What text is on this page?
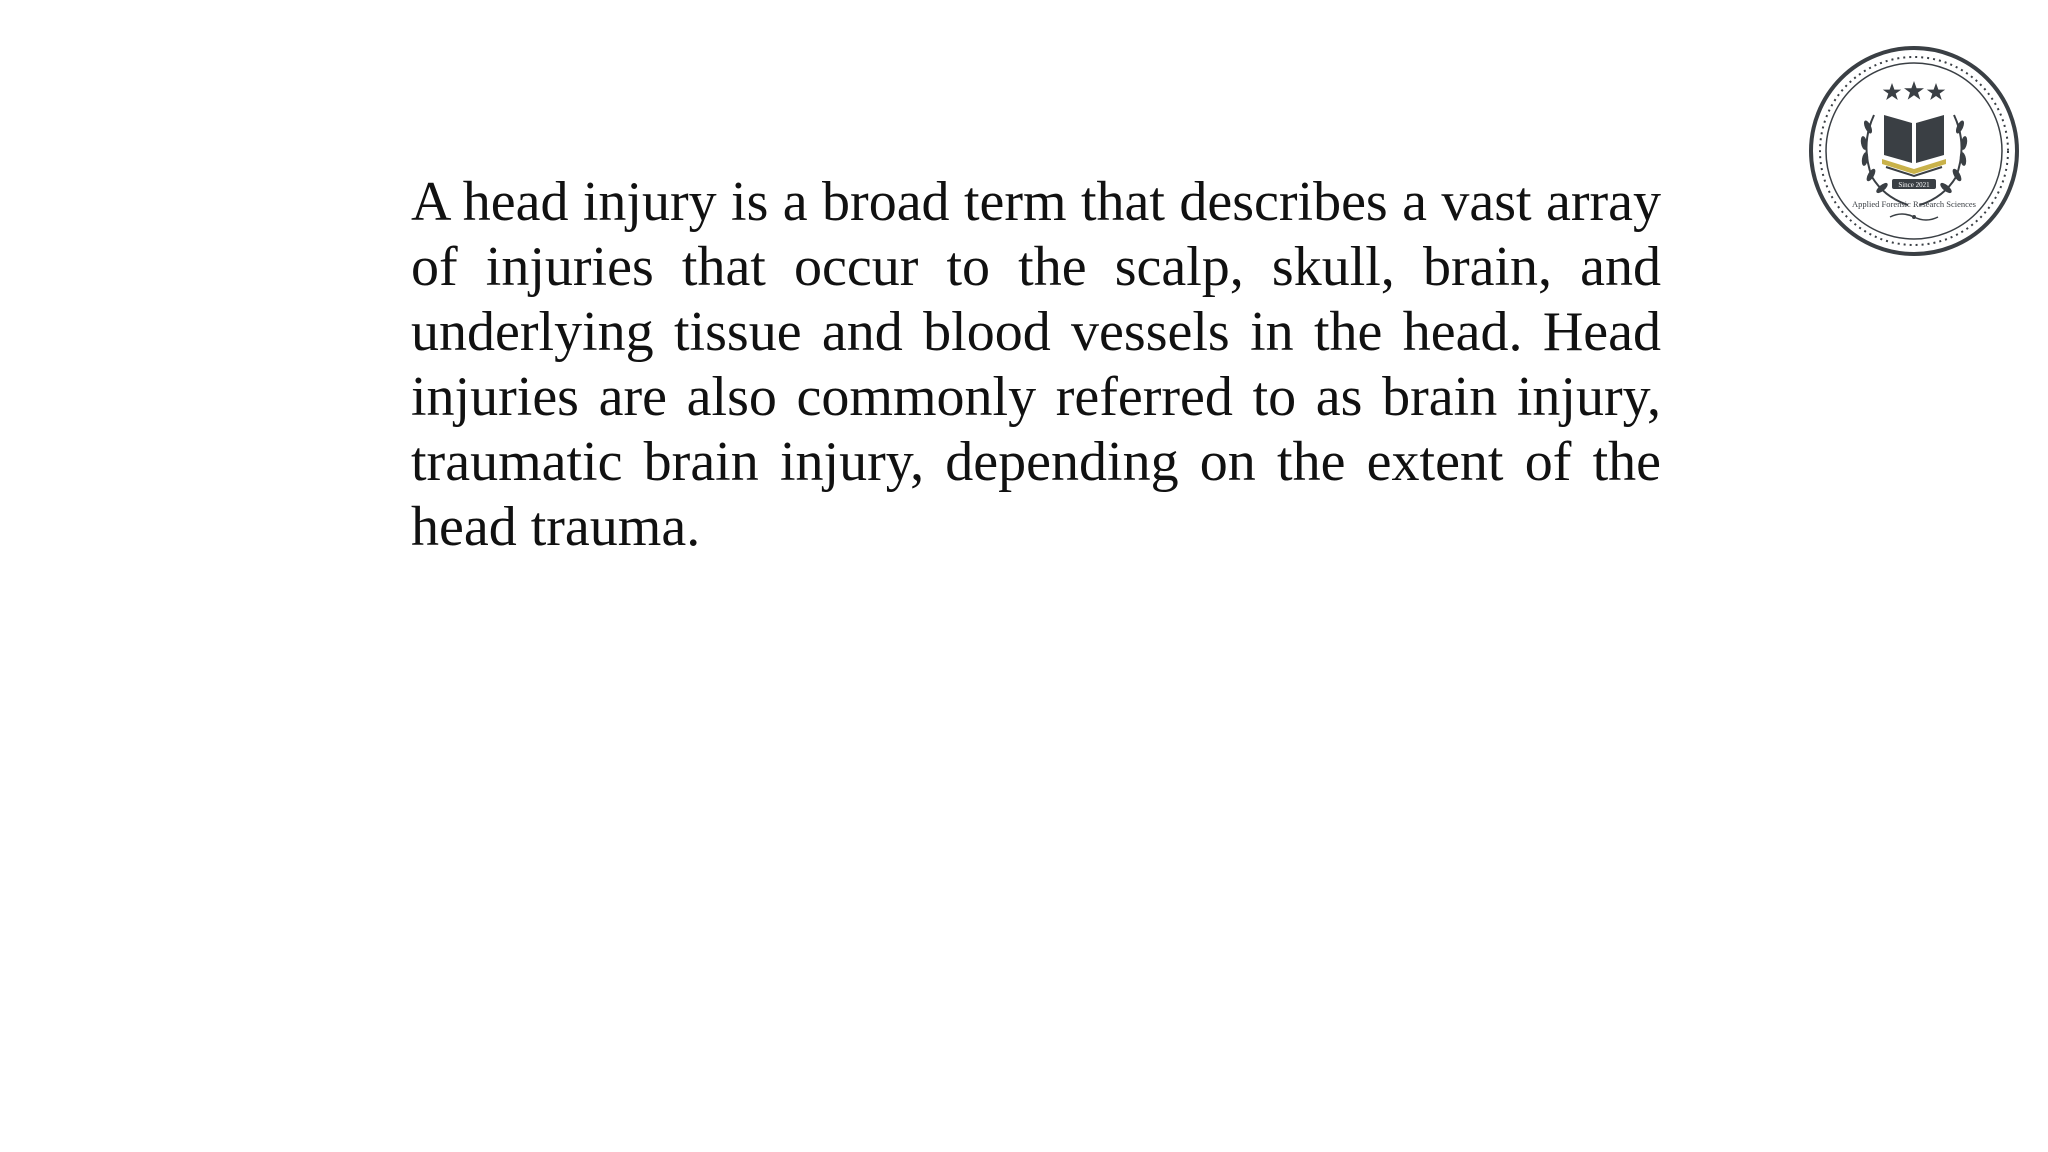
A head injury is a broad term that describes a vast array of injuries that occur to the scalp, skull, brain, and underlying tissue and blood vessels in the head. Head injuries are also commonly referred to as brain injury, traumatic brain injury, depending on the extent of the head trauma.

Since 2021
Applied Forensic Research Sciences
